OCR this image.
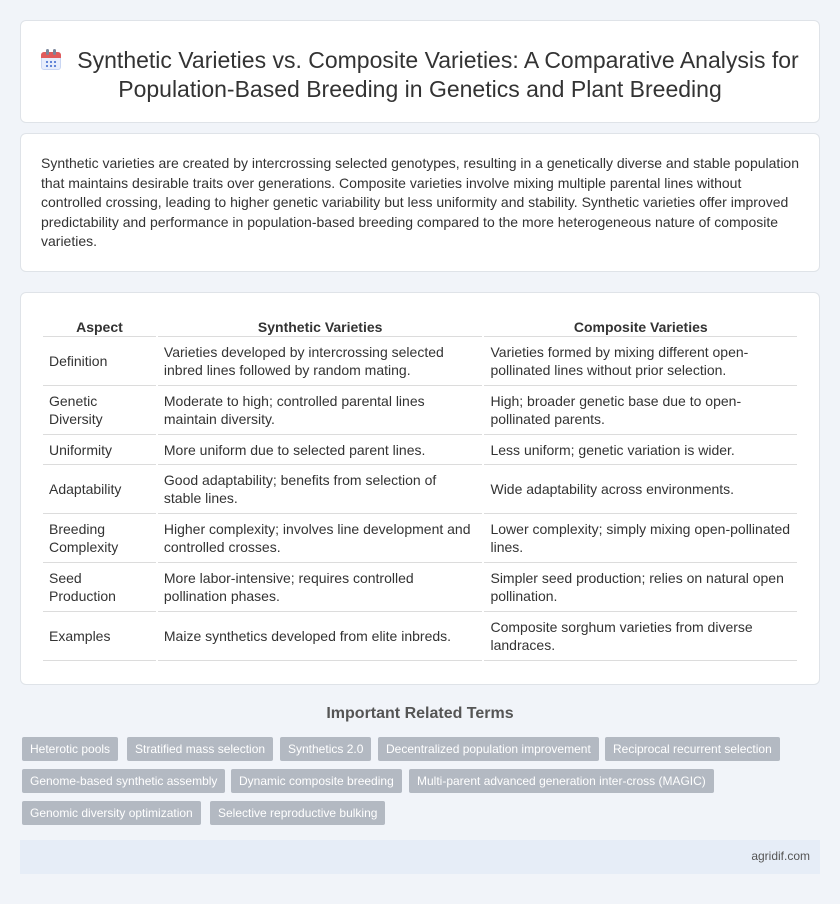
Synthetic Varieties vs. Composite Varieties: A Comparative Analysis for Population-Based Breeding in Genetics and Plant Breeding

Synthetic varieties are created by intercrossing selected genotypes, resulting in a genetically diverse and stable population that maintains desirable traits over generations. Composite varieties involve mixing multiple parental lines without controlled crossing, leading to higher genetic variability but less uniformity and stability. Synthetic varieties offer improved predictability and performance in population-based breeding compared to the more heterogeneous nature of composite varieties.

Aspect	Synthetic Varieties	Composite Varieties
Definition	Varieties developed by intercrossing selected inbred lines followed by random mating.	Varieties formed by mixing different open-pollinated lines without prior selection.
Genetic Diversity	Moderate to high; controlled parental lines maintain diversity.	High; broader genetic base due to open-pollinated parents.
Uniformity	More uniform due to selected parent lines.	Less uniform; genetic variation is wider.
Adaptability	Good adaptability; benefits from selection of stable lines.	Wide adaptability across environments.
Breeding Complexity	Higher complexity; involves line development and controlled crosses.	Lower complexity; simply mixing open-pollinated lines.
Seed Production	More labor-intensive; requires controlled pollination phases.	Simpler seed production; relies on natural open pollination.
Examples	Maize synthetics developed from elite inbreds.	Composite sorghum varieties from diverse landraces.
Important Related Terms
Heterotic pools	Stratified mass selection	Synthetics 2.0	Decentralized population improvement	Reciprocal recurrent selection
Genome-based synthetic assembly	Dynamic composite breeding	Multi-parent advanced generation inter-cross (MAGIC)
Genomic diversity optimization	Selective reproductive bulking
agridif.com
